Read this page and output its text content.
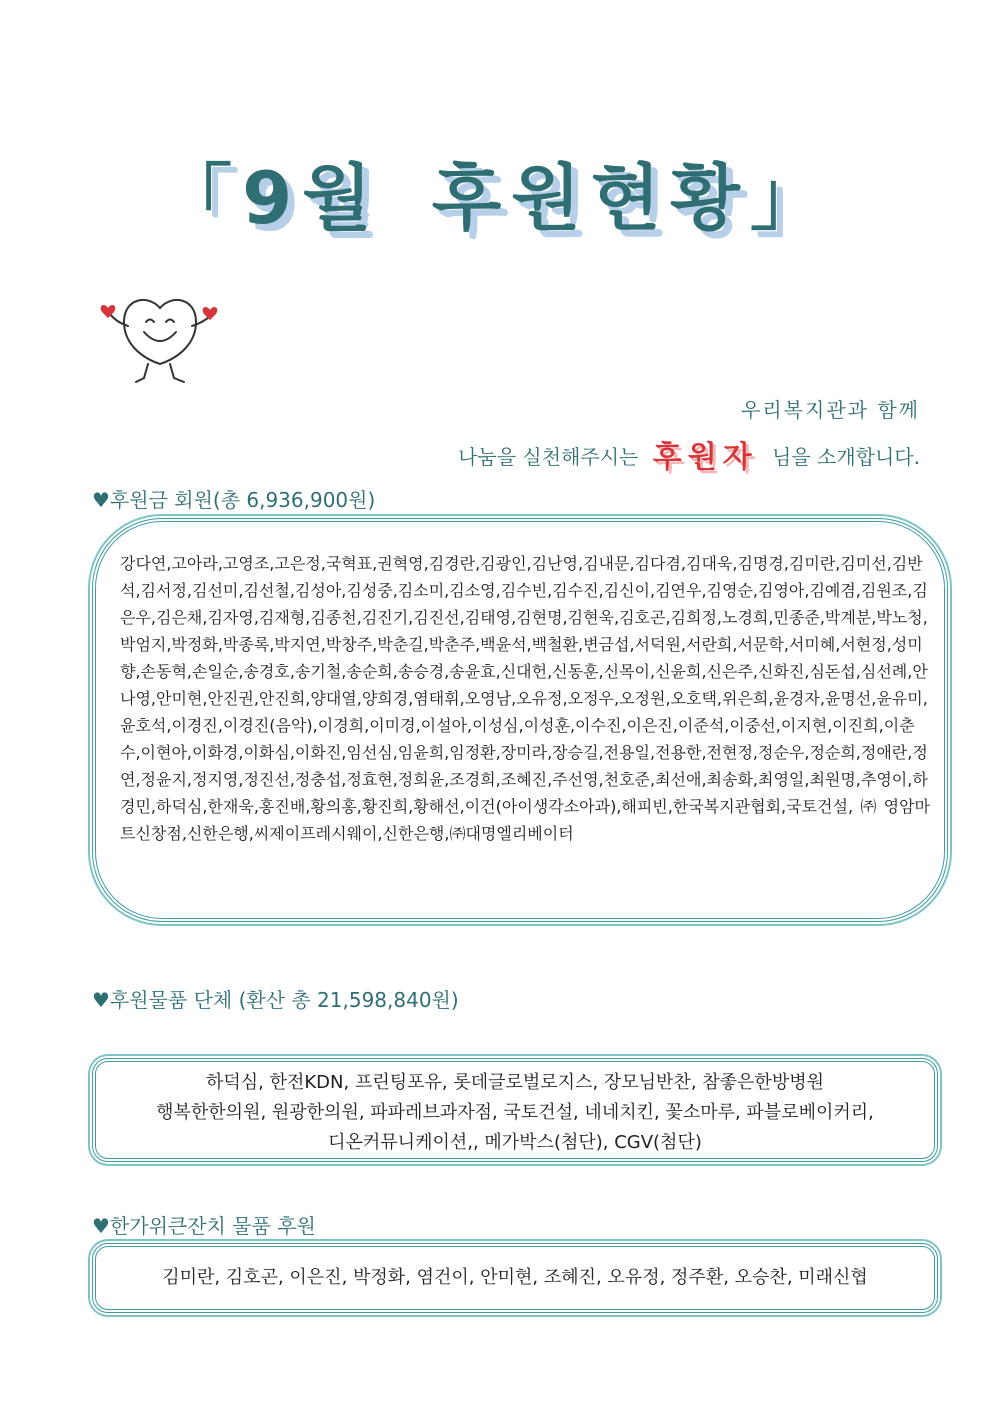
「9월 후원현황」
우리복지관과 함께
나눔을 실천해주시는 후원자 님을 소개합니다.
♥후원금 회원(총 6,936,900원)
강다연,고아라,고영조,고은정,국혁표,권혁영,김경란,김광인,김난영,김내문,김다겸,김대욱,김명경,김미란,김미선,김반석,김서정,김선미,김선철,김성아,김성중,김소미,김소영,김수빈,김수진,김신이,김연우,김영순,김영아,김예겸,김원조,김은우,김은채,김자영,김재형,김종천,김진기,김진선,김태영,김현명,김현욱,김호곤,김희정,노경희,민종준,박계분,박노청,박엄지,박정화,박종록,박지연,박창주,박춘길,박춘주,백윤석,백철환,변금섭,서덕원,서란희,서문학,서미혜,서현정,성미향,손동혁,손일순,송경호,송기철,송순희,송승경,송윤효,신대헌,신동훈,신목이,신윤희,신은주,신화진,심돈섭,심선례,안나영,안미현,안진권,안진희,양대열,양희경,염태휘,오영남,오유정,오정우,오정원,오호택,위은희,윤경자,윤명선,윤유미,윤호석,이경진,이경진(음악),이경희,이미경,이설아,이성심,이성훈,이수진,이은진,이준석,이중선,이지현,이진희,이춘수,이현아,이화경,이화심,이화진,임선심,임윤희,임정환,장미라,장승길,전용일,전용한,전현정,정순우,정순희,정애란,정연,정윤지,정지영,정진선,정충섭,정효현,정희윤,조경희,조혜진,주선영,천호준,최선애,최송화,최영일,최원명,추영이,하경민,하덕심,한재욱,홍진배,황의홍,황진희,황해선,이건(아이생각소아과),해피빈,한국복지관협회,국토건설,㈜영암마트신창점,신한은행,씨제이프레시웨이,신한은행,㈜대명엘리베이터
♥후원물품 단체 (환산 총 21,598,840원)
하덕심, 한전KDN, 프린팅포유, 롯데글로벌로지스, 장모님반찬, 참좋은한방병원
행복한한의원, 원광한의원, 파파레브과자점, 국토건설, 네네치킨, 꽃소마루, 파블로베이커리,
디온커뮤니케이션,, 메가박스(첨단), CGV(첨단)
♥한가위큰잔치 물품 후원
김미란, 김호곤, 이은진, 박정화, 염건이, 안미현, 조혜진, 오유정, 정주환, 오승찬, 미래신협
